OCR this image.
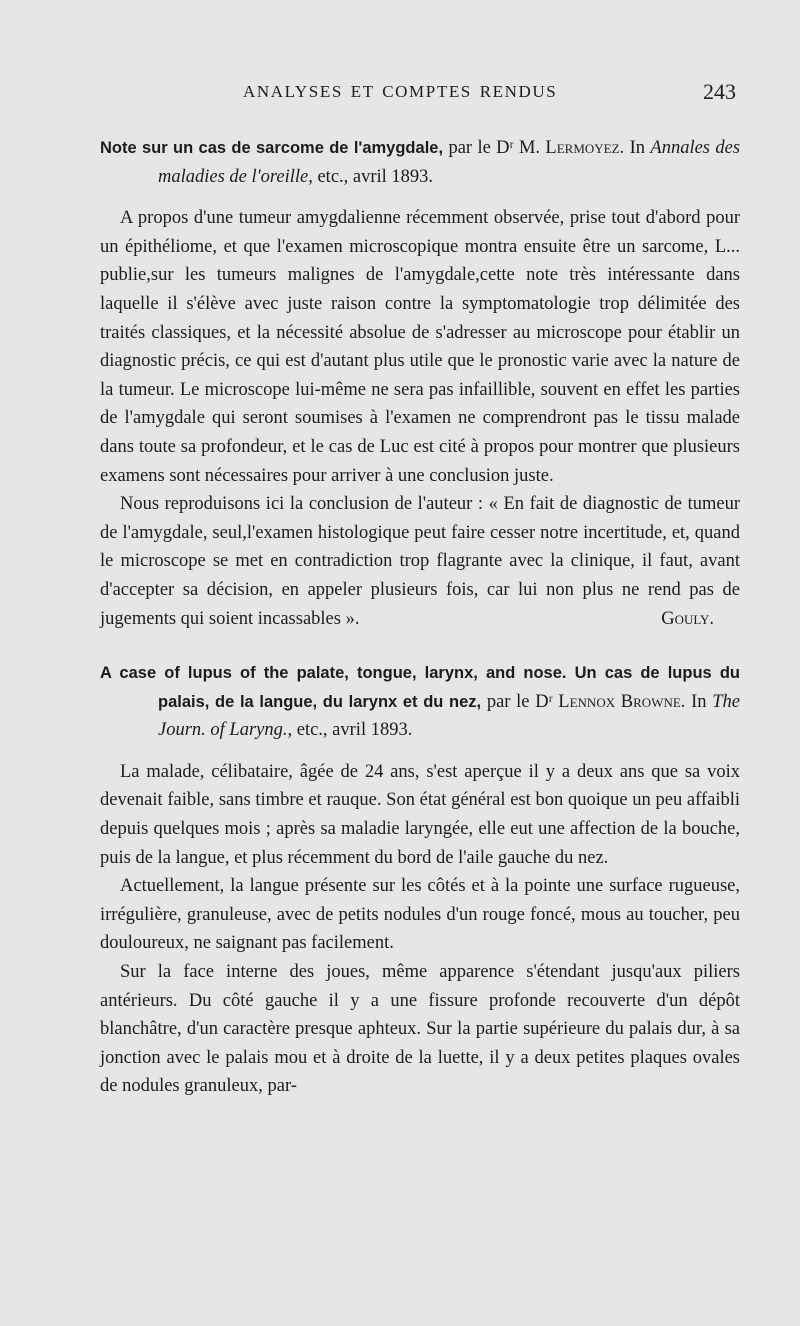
ANALYSES ET COMPTES RENDUS	243

Note sur un cas de sarcome de l'amygdale, par le Dʳ M. Lermoyez. In Annales des maladies de l'oreille, etc., avril 1893.

A propos d'une tumeur amygdalienne récemment observée, prise tout d'abord pour un épithéliome, et que l'examen microscopique montra ensuite être un sarcome, L... publie,sur les tumeurs malignes de l'amygdale,cette note très intéressante dans laquelle il s'élève avec juste raison contre la symptomatologie trop délimitée des traités classiques, et la nécessité absolue de s'adresser au microscope pour établir un diagnostic précis, ce qui est d'autant plus utile que le pronostic varie avec la nature de la tumeur. Le microscope lui-même ne sera pas infaillible, souvent en effet les parties de l'amygdale qui seront soumises à l'examen ne comprendront pas le tissu malade dans toute sa profondeur, et le cas de Luc est cité à propos pour montrer que plusieurs examens sont nécessaires pour arriver à une conclusion juste.

Nous reproduisons ici la conclusion de l'auteur : « En fait de diagnostic de tumeur de l'amygdale, seul,l'examen histologique peut faire cesser notre incertitude, et, quand le microscope se met en contradiction trop flagrante avec la clinique, il faut, avant d'accepter sa décision, en appeler plusieurs fois, car lui non plus ne rend pas de jugements qui soient incassables ».	Gouly.

A case of lupus of the palate, tongue, larynx, and nose. Un cas de lupus du palais, de la langue, du larynx et du nez, par le Dʳ Lennox Browne. In The Journ. of Laryng., etc., avril 1893.

La malade, célibataire, âgée de 24 ans, s'est aperçue il y a deux ans que sa voix devenait faible, sans timbre et rauque. Son état général est bon quoique un peu affaibli depuis quelques mois ; après sa maladie laryngée, elle eut une affection de la bouche, puis de la langue, et plus récemment du bord de l'aile gauche du nez.

Actuellement, la langue présente sur les côtés et à la pointe une surface rugueuse, irrégulière, granuleuse, avec de petits nodules d'un rouge foncé, mous au toucher, peu douloureux, ne saignant pas facilement.

Sur la face interne des joues, même apparence s'étendant jusqu'aux piliers antérieurs. Du côté gauche il y a une fissure profonde recouverte d'un dépôt blanchâtre, d'un caractère presque aphteux. Sur la partie supérieure du palais dur, à sa jonction avec le palais mou et à droite de la luette, il y a deux petites plaques ovales de nodules granuleux, par-
